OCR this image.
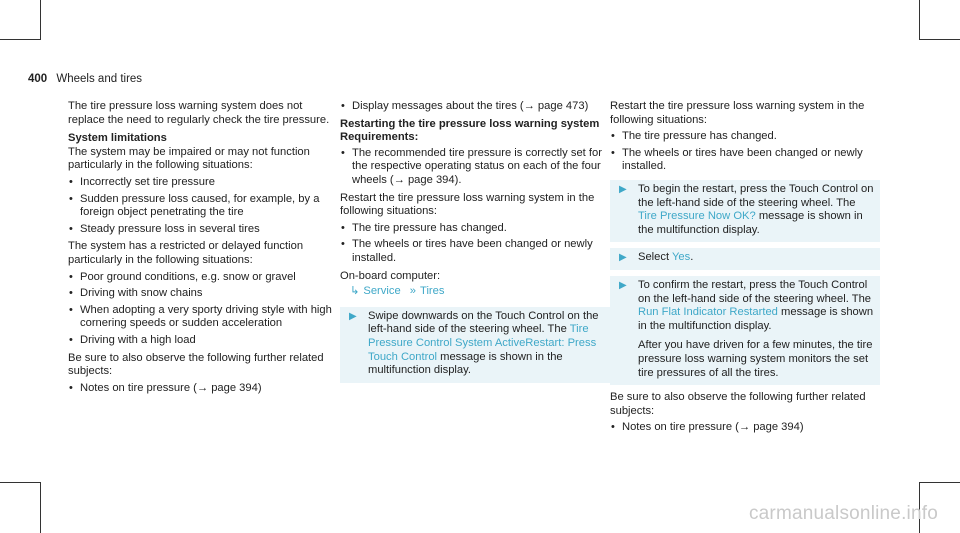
400 Wheels and tires

The tire pressure loss warning system does not replace the need to regularly check the tire pressure.

System limitations

The system may be impaired or may not function particularly in the following situations:

• Incorrectly set tire pressure
• Sudden pressure loss caused, for example, by a foreign object penetrating the tire
• Steady pressure loss in several tires

The system has a restricted or delayed function particularly in the following situations:

• Poor ground conditions, e.g. snow or gravel
• Driving with snow chains
• When adopting a very sporty driving style with high cornering speeds or sudden acceleration
• Driving with a high load

Be sure to also observe the following further related subjects:

• Notes on tire pressure (→ page 394)
• Display messages about the tires (→ page 473)

Restarting the tire pressure loss warning system

Requirements:

• The recommended tire pressure is correctly set for the respective operating status on each of the four wheels (→ page 394).

Restart the tire pressure loss warning system in the following situations:

• The tire pressure has changed.
• The wheels or tires have been changed or newly installed.

On-board computer:

↳ Service » Tires
▶ Swipe downwards on the Touch Control on the left-hand side of the steering wheel. The Tire Pressure Control System ActiveRestart: Press Touch Control message is shown in the multifunction display.

Restart the tire pressure loss warning system in the following situations:

• The tire pressure has changed.
• The wheels or tires have been changed or newly installed.
▶ To begin the restart, press the Touch Control on the left-hand side of the steering wheel. The Tire Pressure Now OK? message is shown in the multifunction display.
▶ Select Yes.
▶ To confirm the restart, press the Touch Control on the left-hand side of the steering wheel. The Run Flat Indicator Restarted message is shown in the multifunction display.
After you have driven for a few minutes, the tire pressure loss warning system monitors the set tire pressures of all the tires.

Be sure to also observe the following further related subjects:

• Notes on tire pressure (→ page 394)
carmanualsonline.info
